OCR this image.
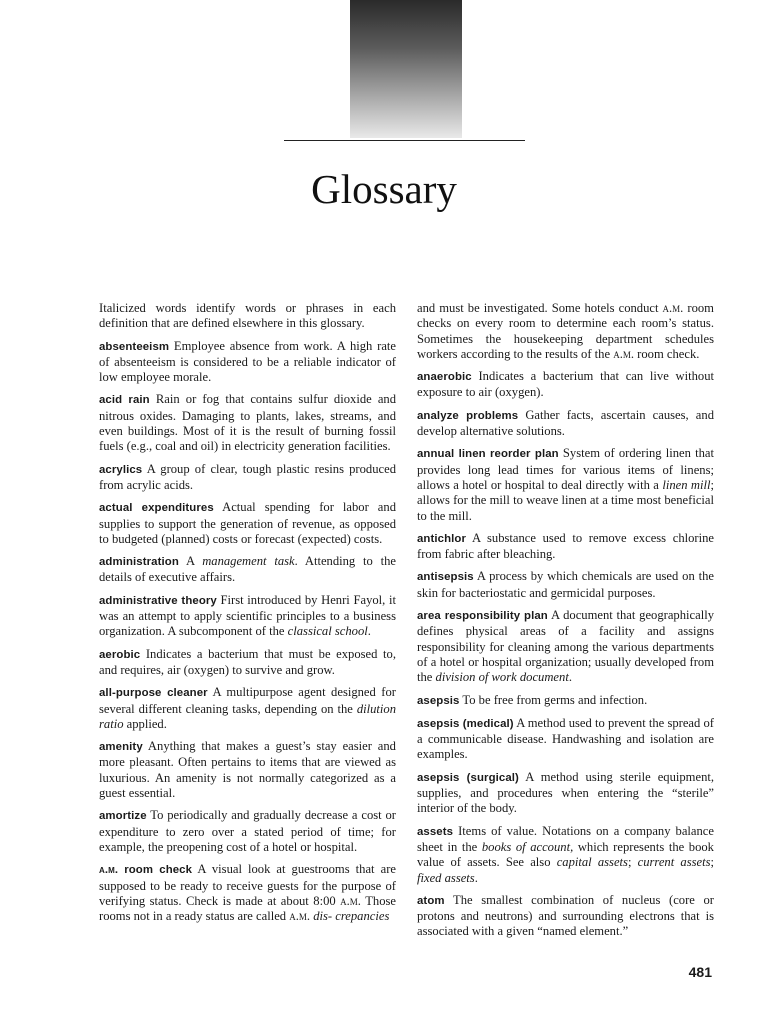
Glossary

Italicized words identify words or phrases in each definition that are defined elsewhere in this glossary.

absenteeism Employee absence from work. A high rate of absenteeism is considered to be a reliable indicator of low employee morale.

acid rain Rain or fog that contains sulfur dioxide and nitrous oxides. Damaging to plants, lakes, streams, and even buildings. Most of it is the result of burning fossil fuels (e.g., coal and oil) in electricity generation facilities.

acrylics A group of clear, tough plastic resins produced from acrylic acids.

actual expenditures Actual spending for labor and supplies to support the generation of revenue, as opposed to budgeted (planned) costs or forecast (expected) costs.

administration A management task. Attending to the details of executive affairs.

administrative theory First introduced by Henri Fayol, it was an attempt to apply scientific principles to a business organization. A subcomponent of the classical school.

aerobic Indicates a bacterium that must be exposed to, and requires, air (oxygen) to survive and grow.

all-purpose cleaner A multipurpose agent designed for several different cleaning tasks, depending on the dilution ratio applied.

amenity Anything that makes a guest’s stay easier and more pleasant. Often pertains to items that are viewed as luxurious. An amenity is not normally categorized as a guest essential.

amortize To periodically and gradually decrease a cost or expenditure to zero over a stated period of time; for example, the preopening cost of a hotel or hospital.

a.m. room check A visual look at guestrooms that are supposed to be ready to receive guests for the purpose of verifying status. Check is made at about 8:00 a.m. Those rooms not in a ready status are called a.m. dis- crepancies

and must be investigated. Some hotels conduct a.m. room checks on every room to determine each room’s status. Sometimes the housekeeping department schedules workers according to the results of the a.m. room check.

anaerobic Indicates a bacterium that can live without exposure to air (oxygen).

analyze problems Gather facts, ascertain causes, and develop alternative solutions.

annual linen reorder plan System of ordering linen that provides long lead times for various items of linens; allows a hotel or hospital to deal directly with a linen mill; allows for the mill to weave linen at a time most beneficial to the mill.

antichlor A substance used to remove excess chlorine from fabric after bleaching.

antisepsis A process by which chemicals are used on the skin for bacteriostatic and germicidal purposes.

area responsibility plan A document that geographically defines physical areas of a facility and assigns responsibility for cleaning among the various departments of a hotel or hospital organization; usually developed from the division of work document.

asepsis To be free from germs and infection.

asepsis (medical) A method used to prevent the spread of a communicable disease. Handwashing and isolation are examples.

asepsis (surgical) A method using sterile equipment, supplies, and procedures when entering the “sterile” interior of the body.

assets Items of value. Notations on a company balance sheet in the books of account, which represents the book value of assets. See also capital assets; current assets; fixed assets.

atom The smallest combination of nucleus (core or protons and neutrons) and surrounding electrons that is associated with a given “named element.”

481
